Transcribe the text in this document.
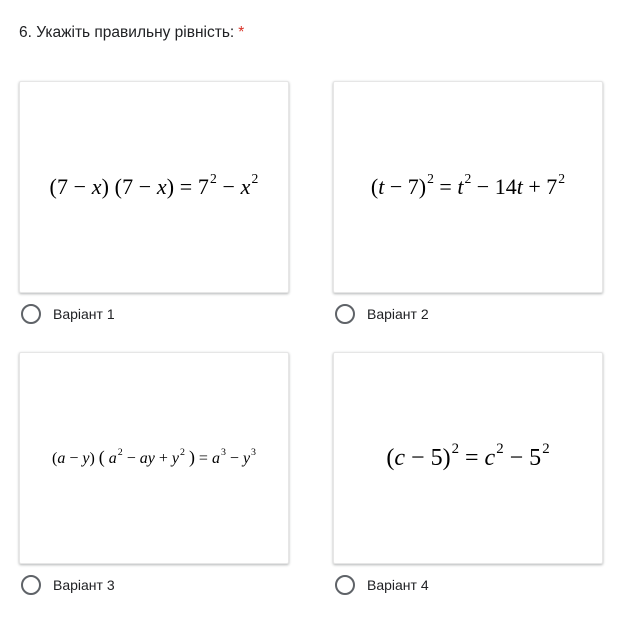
6. Укажіть правильну рівність: *
(7 − x) $(7 - x) = 7^2 - x^2$
Варіант 1
$(t - 7)^2 = t^2 - 14t + 7^2$
Варіант 2
(a − y) ( $a^2$ − ay + $y^2$ ) = $a^3 - y^3$
Варіант 3
$(c - 5)^2 = c^2 - 5^2$
Варіант 4
